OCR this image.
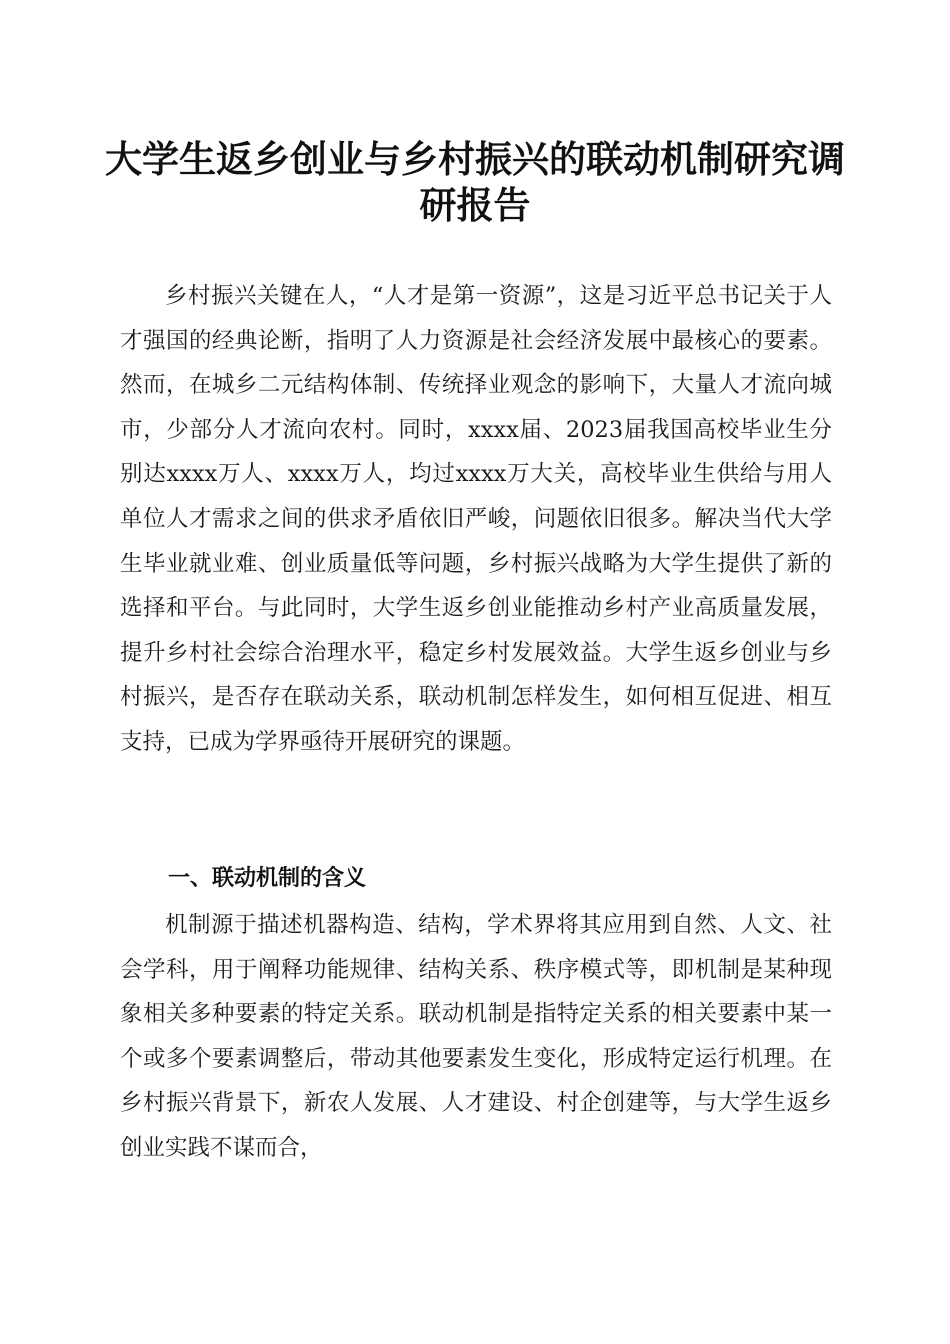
大学生返乡创业与乡村振兴的联动机制研究调研报告

乡村振兴关键在人，“人才是第一资源”，这是习近平总书记关于人才强国的经典论断，指明了人力资源是社会经济发展中最核心的要素。然而，在城乡二元结构体制、传统择业观念的影响下，大量人才流向城市，少部分人才流向农村。同时，xxxx届、2023届我国高校毕业生分别达xxxx万人、xxxx万人，均过xxxx万大关，高校毕业生供给与用人单位人才需求之间的供求矛盾依旧严峻，问题依旧很多。解决当代大学生毕业就业难、创业质量低等问题，乡村振兴战略为大学生提供了新的选择和平台。与此同时，大学生返乡创业能推动乡村产业高质量发展，提升乡村社会综合治理水平，稳定乡村发展效益。大学生返乡创业与乡村振兴，是否存在联动关系，联动机制怎样发生，如何相互促进、相互支持，已成为学界亟待开展研究的课题。

一、联动机制的含义

机制源于描述机器构造、结构，学术界将其应用到自然、人文、社会学科，用于阐释功能规律、结构关系、秩序模式等，即机制是某种现象相关多种要素的特定关系。联动机制是指特定关系的相关要素中某一个或多个要素调整后，带动其他要素发生变化，形成特定运行机理。在乡村振兴背景下，新农人发展、人才建设、村企创建等，与大学生返乡创业实践不谋而合，
